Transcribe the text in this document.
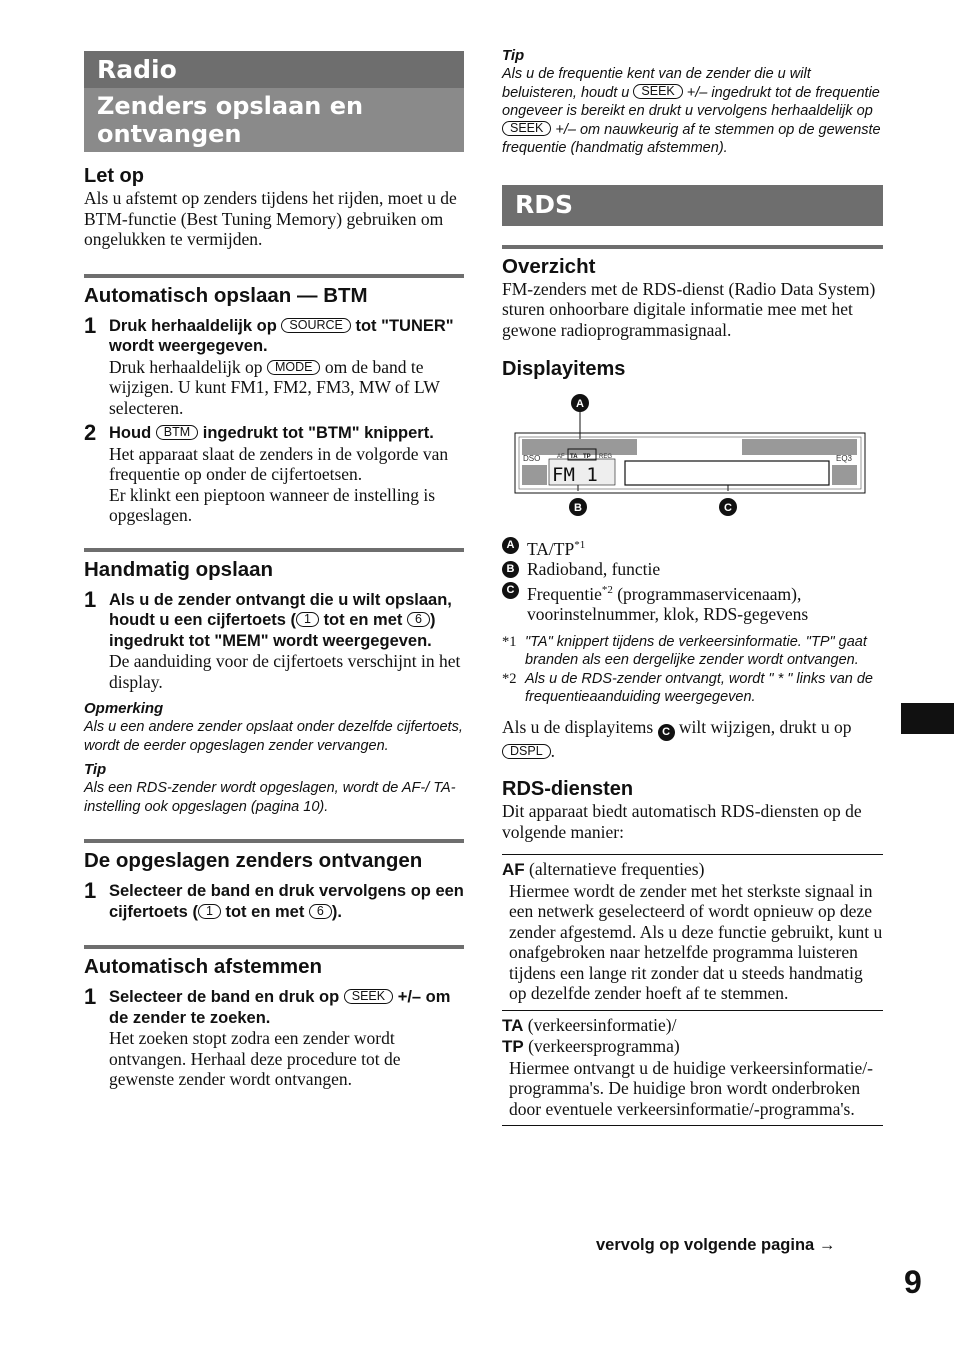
Radio
Zenders opslaan en ontvangen
Let op

Als u afstemt op zenders tijdens het rijden, moet u de BTM-functie (Best Tuning Memory) gebruiken om ongelukken te vermijden.

Automatisch opslaan — BTM
1 Druk herhaaldelijk op SOURCE tot "TUNER" wordt weergegeven.

Druk herhaaldelijk op MODE om de band te wijzigen. U kunt FM1, FM2, FM3, MW of LW selecteren.

2 Houd BTM ingedrukt tot "BTM" knippert.

Het apparaat slaat de zenders in de volgorde van frequentie op onder de cijfertoetsen.

Er klinkt een pieptoon wanneer de instelling is opgeslagen.

Handmatig opslaan
1 Als u de zender ontvangt die u wilt opslaan, houdt u een cijfertoets ( 1 tot en met 6 ) ingedrukt tot "MEM" wordt weergegeven.

De aanduiding voor de cijfertoets verschijnt in het display.

Opmerking

Als u een andere zender opslaat onder dezelfde cijfertoets, wordt de eerder opgeslagen zender vervangen.

Tip

Als een RDS-zender wordt opgeslagen, wordt de AF-/ TA-instelling ook opgeslagen (pagina 10).

De opgeslagen zenders ontvangen
1 Selecteer de band en druk vervolgens op een cijfertoets ( 1 tot en met 6 ).

Automatisch afstemmen
1 Selecteer de band en druk op SEEK +/– om de zender te zoeken.

Het zoeken stopt zodra een zender wordt ontvangen. Herhaal deze procedure tot de gewenste zender wordt ontvangen.

Tip

Als u de frequentie kent van de zender die u wilt beluisteren, houdt u SEEK +/– ingedrukt tot de frequentie ongeveer is bereikt en drukt u vervolgens herhaaldelijk op SEEK +/– om nauwkeurig af te stemmen op de gewenste frequentie (handmatig afstemmen).

RDS
Overzicht

FM-zenders met de RDS-dienst (Radio Data System) sturen onhoorbare digitale informatie mee met het gewone radioprogrammasignaal.

Displayitems
DSO	AF TA TP REG	EQ3
FM 1
A
B	C

A TA/TP$^{*1}$

B Radioband, functie

C Frequentie$^{*2}$ (programmaservicenaam), voorinstelnummer, klok, RDS-gegevens

*1 "TA" knippert tijdens de verkeersinformatie. "TP" gaat branden als een dergelijke zender wordt ontvangen.

*2 Als u de RDS-zender ontvangt, wordt " * " links van de frequentieaanduiding weergegeven.

Als u de displayitems C wilt wijzigen, drukt u op DSPL .

RDS-diensten

Dit apparaat biedt automatisch RDS-diensten op de volgende manier:

AF (alternatieve frequenties)

Hiermee wordt de zender met het sterkste signaal in een netwerk geselecteerd of wordt opnieuw op deze zender afgestemd. Als u deze functie gebruikt, kunt u onafgebroken naar hetzelfde programma luisteren tijdens een lange rit zonder dat u steeds handmatig op dezelfde zender hoeft af te stemmen.

TA (verkeersinformatie)/

TP (verkeersprogramma)

Hiermee ontvangt u de huidige verkeersinformatie/-programma's. De huidige bron wordt onderbroken door eventuele verkeersinformatie/-programma's.

vervolg op volgende pagina →
9
